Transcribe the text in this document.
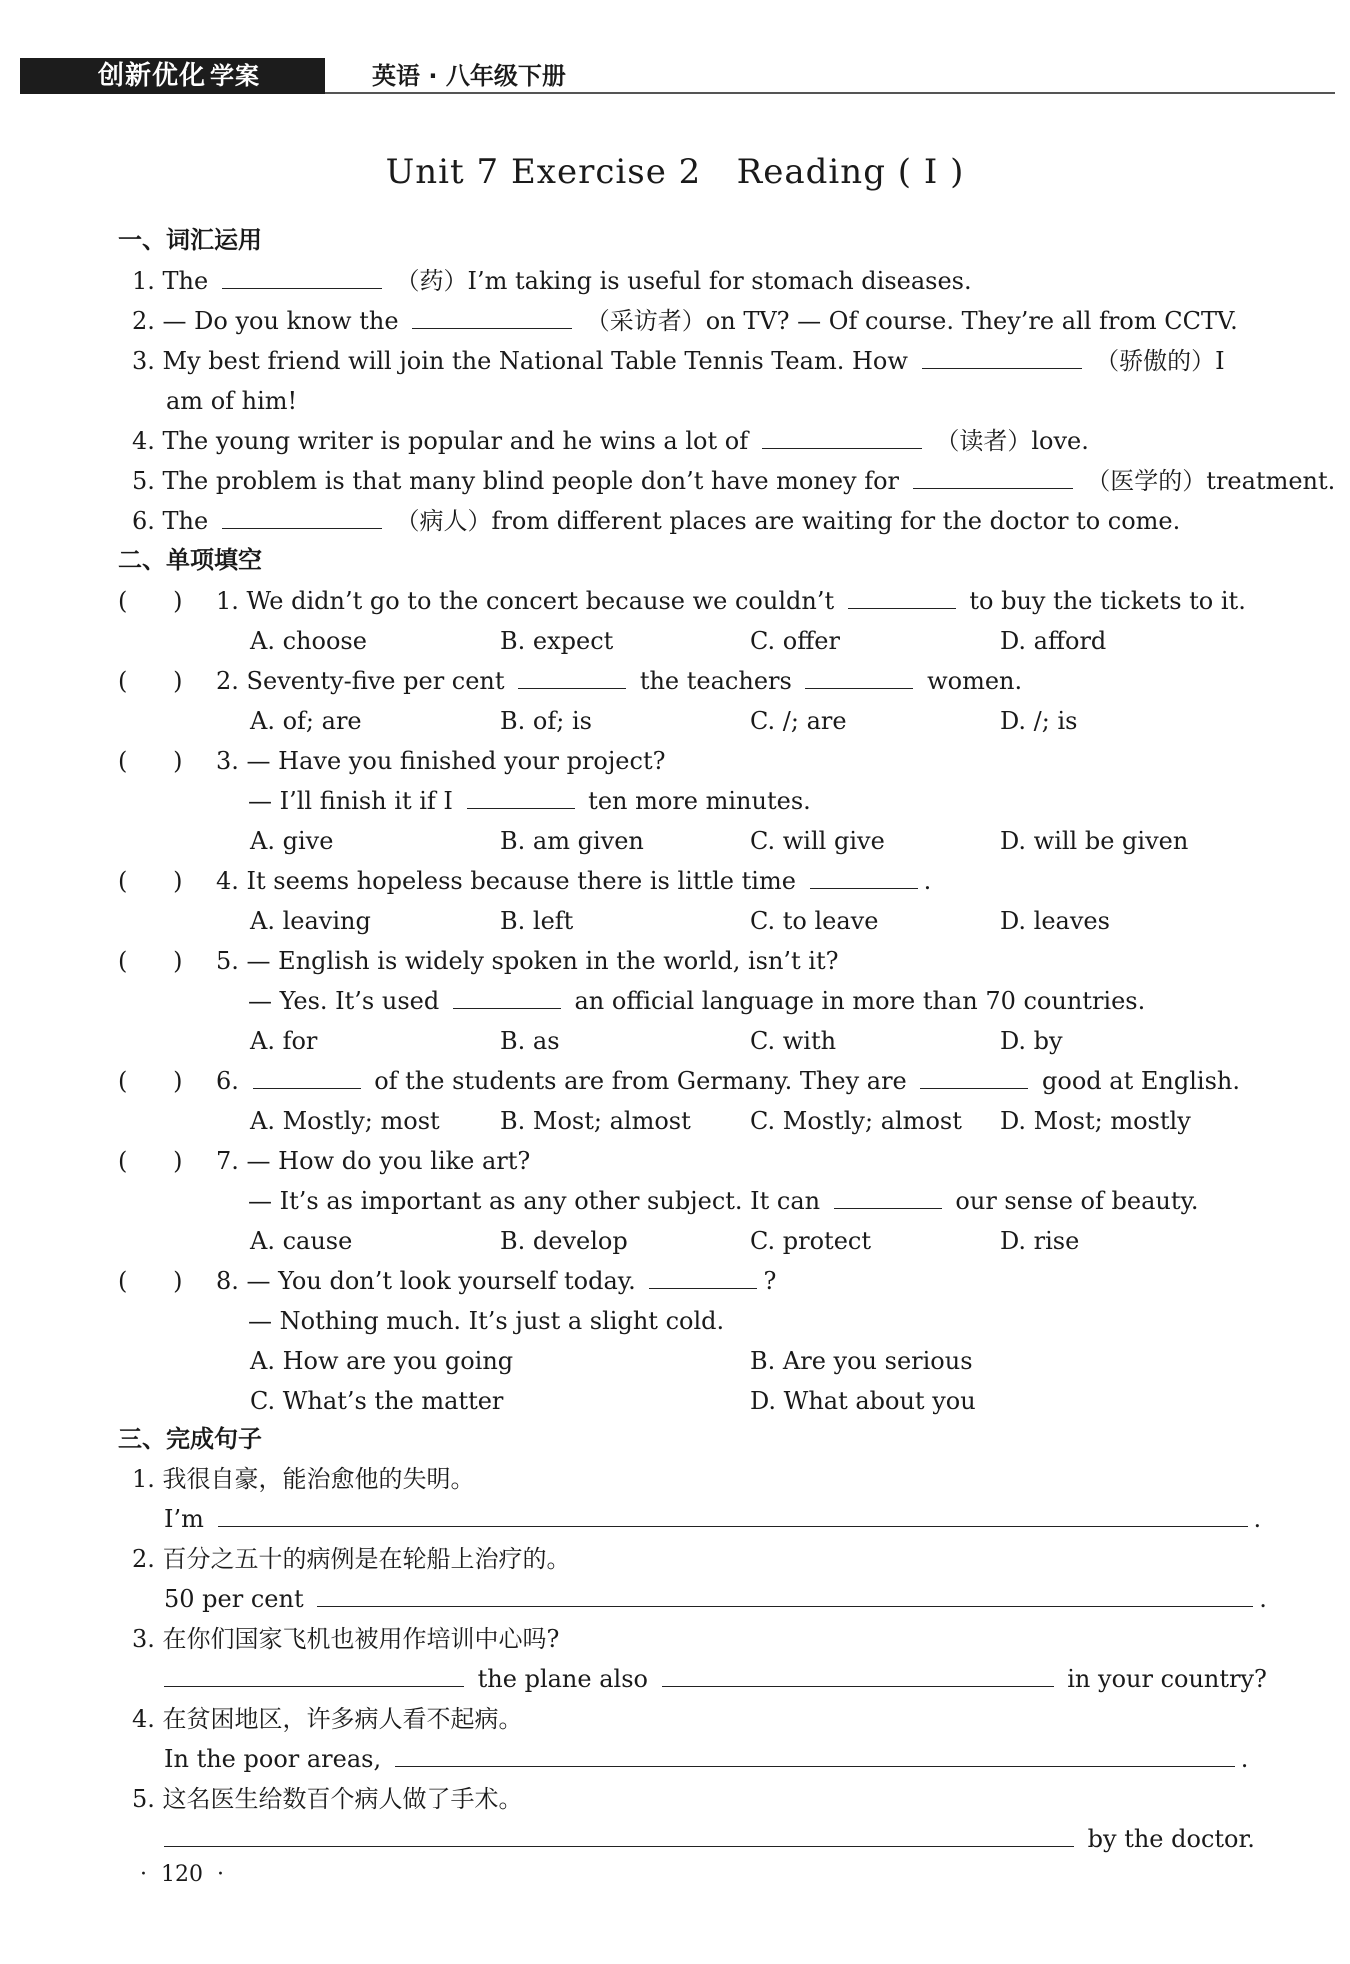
创新优化 学案	英语 · 八年级下册
Unit 7 Exercise 2   Reading ( Ⅰ )
一、词汇运用
1. The	（药）I’m taking is useful for stomach diseases.
2. — Do you know the	（采访者）on TV? — Of course. They’re all from CCTV.
3. My best friend will join the National Table Tennis Team. How	（骄傲的）I
am of him!
4. The young writer is popular and he wins a lot of	（读者）love.
5. The problem is that many blind people don’t have money for	（医学的）treatment.
6. The	（病人）from different places are waiting for the doctor to come.
二、单项填空
(      ) 1. We didn’t go to the concert because we couldn’t	to buy the tickets to it.
A. choose	B. expect	C. offer	D. afford
(      ) 2. Seventy-five per cent	the teachers	women.
A. of; are	B. of; is	C. /; are	D. /; is
(      ) 3. — Have you finished your project?
— I’ll finish it if I	ten more minutes.
A. give	B. am given	C. will give	D. will be given
(      ) 4. It seems hopeless because there is little time	.
A. leaving	B. left	C. to leave	D. leaves
(      ) 5. — English is widely spoken in the world, isn’t it?
— Yes. It’s used	an official language in more than 70 countries.
A. for	B. as	C. with	D. by
(      ) 6.	of the students are from Germany. They are	good at English.
A. Mostly; most	B. Most; almost C. Mostly; almost D. Most; mostly
(      ) 7. — How do you like art?
— It’s as important as any other subject. It can	our sense of beauty.
A. cause	B. develop	C. protect	D. rise
(      ) 8. — You don’t look yourself today.	?
— Nothing much. It’s just a slight cold.
A. How are you going	B. Are you serious
C. What’s the matter	D. What about you
三、完成句子
1. 我很自豪，能治愈他的失明。
I’m	.
2. 百分之五十的病例是在轮船上治疗的。
50 per cent	.
3. 在你们国家飞机也被用作培训中心吗?
the plane also	in your country?
4. 在贫困地区，许多病人看不起病。
In the poor areas,	.
5. 这名医生给数百个病人做了手术。
by the doctor.
·  120  ·
